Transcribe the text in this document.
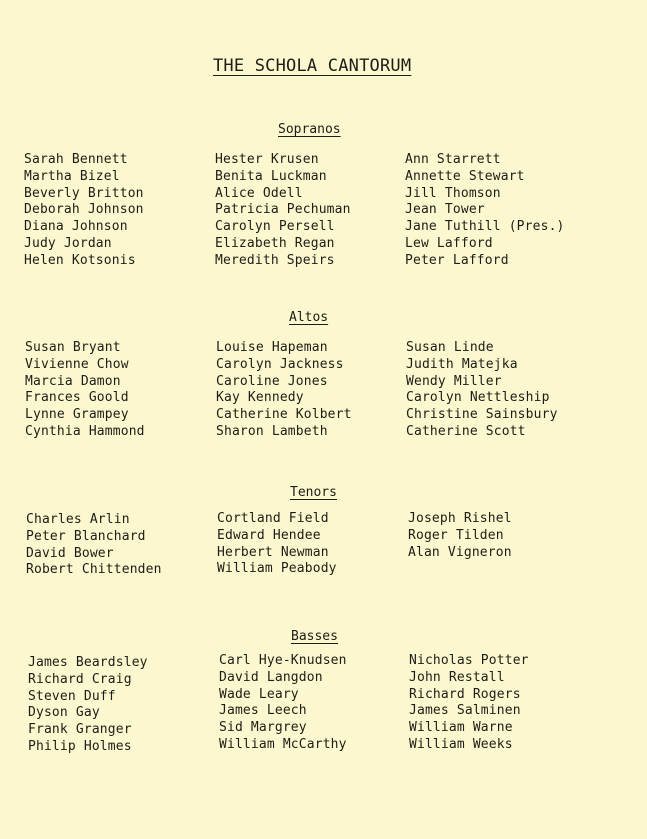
THE SCHOLA CANTORUM
Sopranos
Sarah Bennett
Martha Bizel
Beverly Britton
Deborah Johnson
Diana Johnson
Judy Jordan
Helen Kotsonis
Hester Krusen
Benita Luckman
Alice Odell
Patricia Pechuman
Carolyn Persell
Elizabeth Regan
Meredith Speirs
Ann Starrett
Annette Stewart
Jill Thomson
Jean Tower
Jane Tuthill (Pres.)
Lew Lafford
Peter Lafford
Altos
Susan Bryant
Vivienne Chow
Marcia Damon
Frances Goold
Lynne Grampey
Cynthia Hammond
Louise Hapeman
Carolyn Jackness
Caroline Jones
Kay Kennedy
Catherine Kolbert
Sharon Lambeth
Susan Linde
Judith Matejka
Wendy Miller
Carolyn Nettleship
Christine Sainsbury
Catherine Scott
Tenors
Charles Arlin
Peter Blanchard
David Bower
Robert Chittenden
Cortland Field
Edward Hendee
Herbert Newman
William Peabody
Joseph Rishel
Roger Tilden
Alan Vigneron
Basses
James Beardsley
Richard Craig
Steven Duff
Dyson Gay
Frank Granger
Philip Holmes
Carl Hye-Knudsen
David Langdon
Wade Leary
James Leech
Sid Margrey
William McCarthy
Nicholas Potter
John Restall
Richard Rogers
James Salminen
William Warne
William Weeks
